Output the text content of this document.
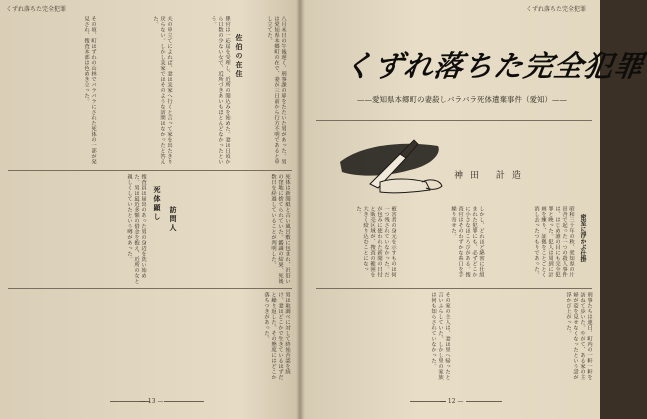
くずれ落ちた完全犯罪
八月末日の午後遅く、刑事課の扉をたたいた男があった。男は愛知県本郷町の在で、妻が三日前から行方不明であると申し立てた。
佐伯の在住
係官は一応届を受理し、近所の聞込みを始めた。妻は日頃から口数の少ない女で、近所づきあいもほとんどなかったという。
夫の申立てによれば、妻は実家へ行くと言って家を出たきり戻らない。しかし実家ではそのような訪問はなかったと答えた。
その頃、町はずれの山林でバラバラにされた死体の一部が発見され、捜査本部は色めき立った。
死体顕し 訪問人	死体は新聞紙と古い風呂敷に包まれ、沢沿いの窪地に捨てられていた。鑑識の結果、死後数日を経過していることが判明した。
捜査員は届出のあった男の身辺を洗い始めた。男は最近多額の借金を抱え、近所の女と親しくしていたという噂があった。
男は取調べに対して終始否認を続け、妻はどこかで生きているはずだと繰り返した。その態度にはどこか落ちつきがあった。
— 13 —
くずれ落ちた完全犯罪
くずれ落ちた完全犯罪
——愛知県本郷町の妻殺しバラバラ死体遺棄事件（愛知）——
神田 計造
密室に浮かぶ仕掛
昭和三十年の秋、愛知県の片田舎で起った一つの殺人事件は、はじめ誰の目にも完全犯罪と映った。犯人は周到に計画を練り、証拠をことごとく消し去ったつもりであった。
しかし、どれほど綿密に仕組まれた犯罪にも、必ずどこかに小さなほころびがある。捜査官はそのわずかな糸口を手繰り寄せた。
被害者の身元を示すものは何一つ残されていなかった。だが包みに使われた新聞の日付と販売区域が、捜査の範囲を大きく絞り込むことになった。
刑事たちは連日、町内の一軒一軒を訪ねて歩いた。やがて、ある家の主婦が姿を見せなくなったという話が浮かび上がった。
その家の主人は、妻は里へ帰ったと言いふらしていた。しかし里の家族は何も知らされていなかった。
— 12 —
